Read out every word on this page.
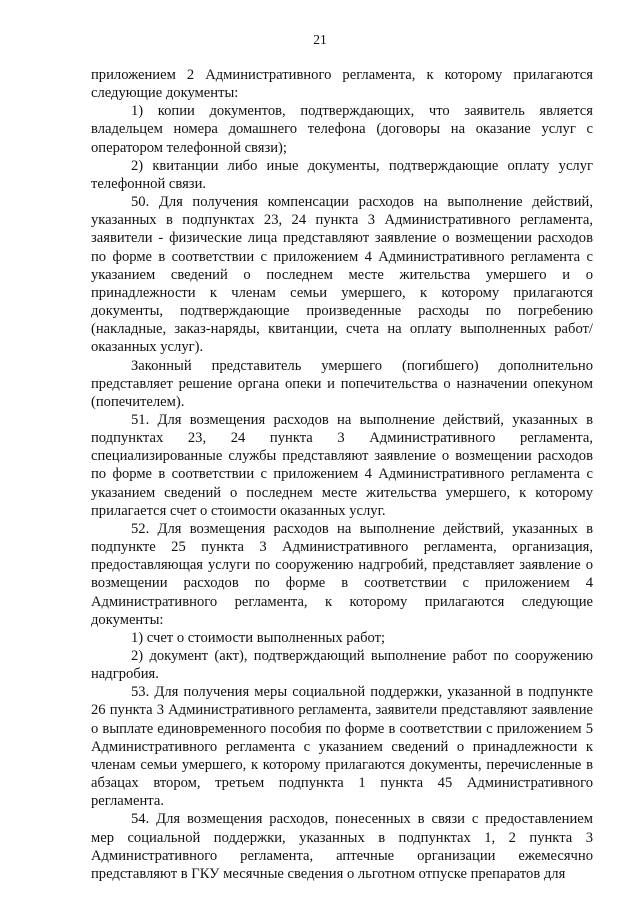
21

приложением 2 Административного регламента, к которому прилагаются следующие документы:

1) копии документов, подтверждающих, что заявитель является владельцем номера домашнего телефона (договоры на оказание услуг с оператором телефонной связи);

2) квитанции либо иные документы, подтверждающие оплату услуг телефонной связи.

50. Для получения компенсации расходов на выполнение действий, указанных в подпунктах 23, 24 пункта 3 Административного регламента, заявители - физические лица представляют заявление о возмещении расходов по форме в соответствии с приложением 4 Административного регламента с указанием сведений о последнем месте жительства умершего и о принадлежности к членам семьи умершего, к которому прилагаются документы, подтверждающие произведенные расходы по погребению (накладные, заказ-наряды, квитанции, счета на оплату выполненных работ/оказанных услуг).

Законный представитель умершего (погибшего) дополнительно представляет решение органа опеки и попечительства о назначении опекуном (попечителем).

51. Для возмещения расходов на выполнение действий, указанных в подпунктах 23, 24 пункта 3 Административного регламента, специализированные службы представляют заявление о возмещении расходов по форме в соответствии с приложением 4 Административного регламента с указанием сведений о последнем месте жительства умершего, к которому прилагается счет о стоимости оказанных услуг.

52. Для возмещения расходов на выполнение действий, указанных в подпункте 25 пункта 3 Административного регламента, организация, предоставляющая услуги по сооружению надгробий, представляет заявление о возмещении расходов по форме в соответствии с приложением 4 Административного регламента, к которому прилагаются следующие документы:

1) счет о стоимости выполненных работ;

2) документ (акт), подтверждающий выполнение работ по сооружению надгробия.

53. Для получения меры социальной поддержки, указанной в подпункте 26 пункта 3 Административного регламента, заявители представляют заявление о выплате единовременного пособия по форме в соответствии с приложением 5 Административного регламента с указанием сведений о принадлежности к членам семьи умершего, к которому прилагаются документы, перечисленные в абзацах втором, третьем подпункта 1 пункта 45 Административного регламента.

54. Для возмещения расходов, понесенных в связи с предоставлением мер социальной поддержки, указанных в подпунктах 1, 2 пункта 3 Административного регламента, аптечные организации ежемесячно представляют в ГКУ месячные сведения о льготном отпуске препаратов для
